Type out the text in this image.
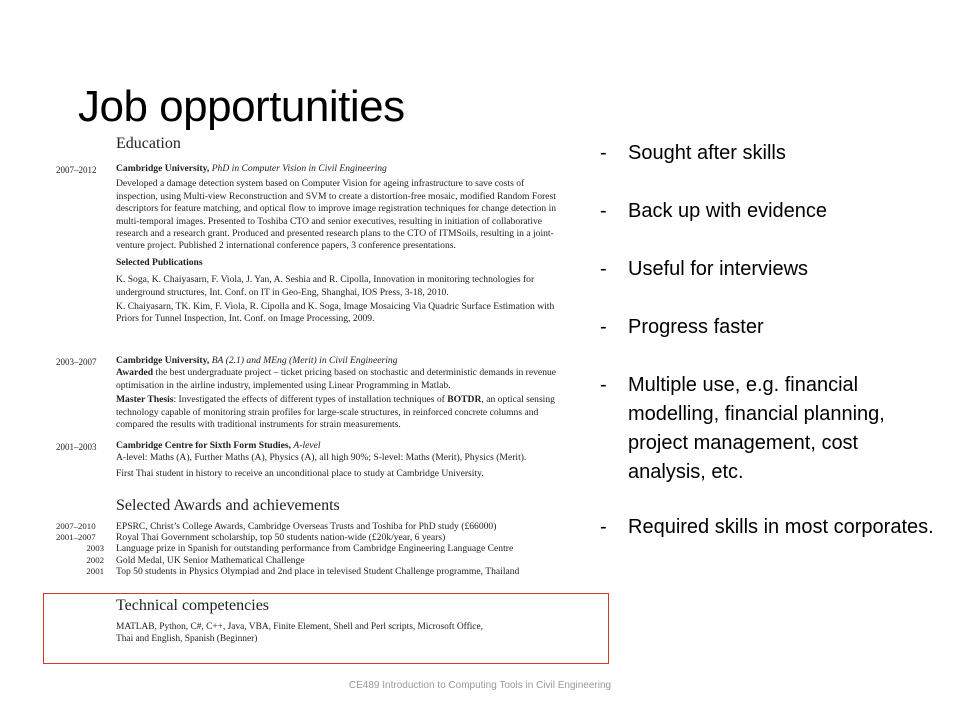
Job opportunities
Education
2007–2012	Cambridge University, PhD in Computer Vision in Civil Engineering
Developed a damage detection system based on Computer Vision for ageing infrastructure to save costs of inspection, using Multi-view Reconstruction and SVM to create a distortion-free mosaic, modified Random Forest descriptors for feature matching, and optical flow to improve image registration techniques for change detection in multi-temporal images. Presented to Toshiba CTO and senior executives, resulting in initiation of collaborative research and a research grant. Produced and presented research plans to the CTO of ITMSoils, resulting in a joint-venture project. Published 2 international conference papers, 3 conference presentations.
Selected Publications
K. Soga, K. Chaiyasarn, F. Viola, J. Yan, A. Seshia and R. Cipolla, Innovation in monitoring technologies for underground structures, Int. Conf. on IT in Geo-Eng, Shanghai, IOS Press, 3-18, 2010.
K. Chaiyasarn, TK. Kim, F. Viola, R. Cipolla and K. Soga, Image Mosaicing Via Quadric Surface Estimation with Priors for Tunnel Inspection, Int. Conf. on Image Processing, 2009.
2003–2007	Cambridge University, BA (2.1) and MEng (Merit) in Civil Engineering
Awarded the best undergraduate project – ticket pricing based on stochastic and deterministic demands in revenue optimisation in the airline industry, implemented using Linear Programming in Matlab.
Master Thesis: Investigated the effects of different types of installation techniques of BOTDR, an optical sensing technology capable of monitoring strain profiles for large-scale structures, in reinforced concrete columns and compared the results with traditional instruments for strain measurements.
2001–2003	Cambridge Centre for Sixth Form Studies, A-level
A-level: Maths (A), Further Maths (A), Physics (A), all high 90%; S-level: Maths (Merit), Physics (Merit).
First Thai student in history to receive an unconditional place to study at Cambridge University.
Selected Awards and achievements
2007–2010	EPSRC, Christ’s College Awards, Cambridge Overseas Trusts and Toshiba for PhD study (£66000)
2001–2007	Royal Thai Government scholarship, top 50 students nation-wide (£20k/year, 6 years)
2003 Language prize in Spanish for outstanding performance from Cambridge Engineering Language Centre
2002 Gold Medal, UK Senior Mathematical Challenge
2001 Top 50 students in Physics Olympiad and 2nd place in televised Student Challenge programme, Thailand
Technical competencies
MATLAB, Python, C#, C++, Java, VBA, Finite Element, Shell and Perl scripts, Microsoft Office,
Thai and English, Spanish (Beginner)
- Sought after skills
- Back up with evidence
- Useful for interviews
- Progress faster
- Multiple use, e.g. financial modelling, financial planning, project management, cost analysis, etc.
- Required skills in most corporates.
CE489 Introduction to Computing Tools in Civil Engineering
